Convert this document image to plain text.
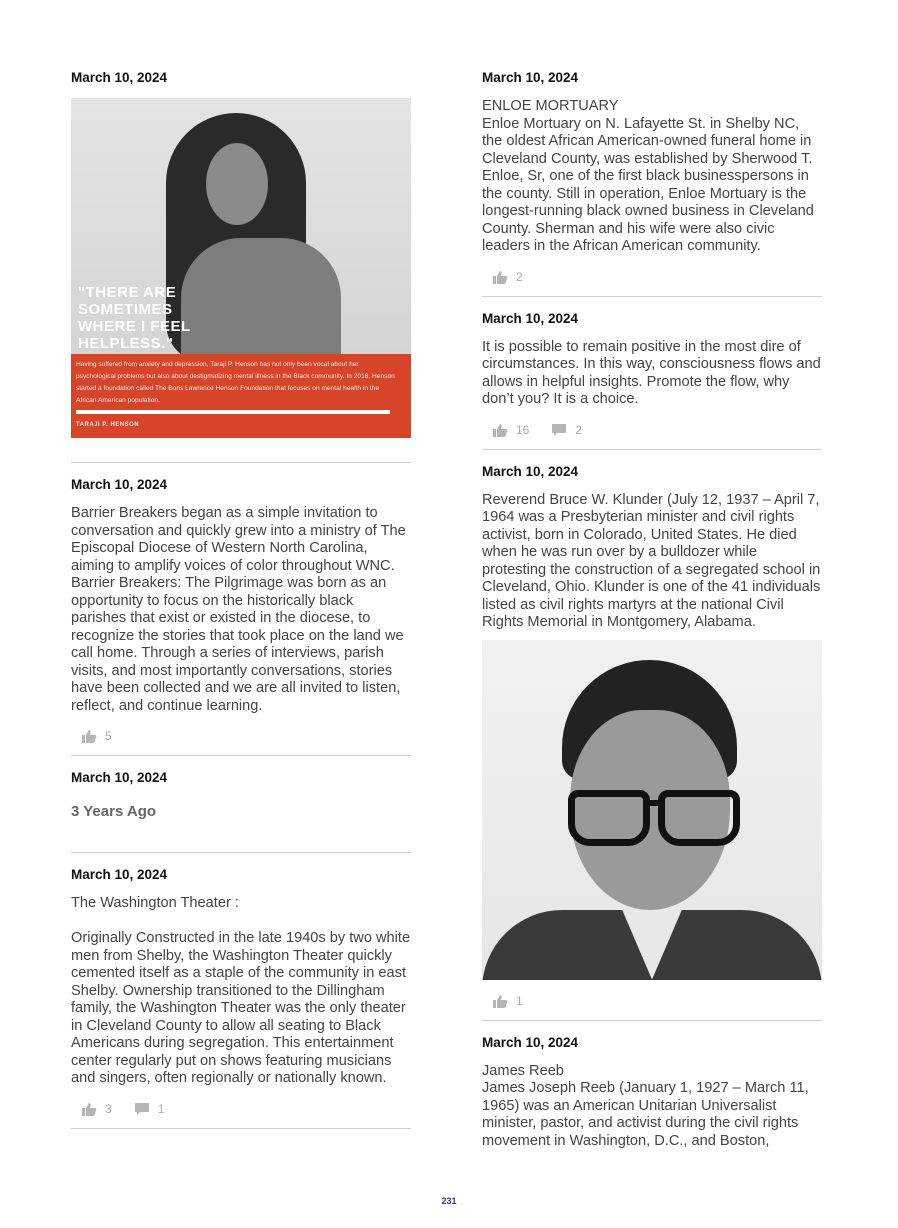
March 10, 2024
"THERE ARE SOMETIMES WHERE I FEEL HELPLESS."
Having suffered from anxiety and depression, Taraji P. Henson has not only been vocal about her psychological problems but also about destigmatizing mental illness in the Black community. In 2018, Henson started a foundation called The Boris Lawrence Henson Foundation that focuses on mental health in the African American population.
TARAJI P. HENSON
March 10, 2024
Barrier Breakers began as a simple invitation to conversation and quickly grew into a ministry of The Episcopal Diocese of Western North Carolina, aiming to amplify voices of color throughout WNC. Barrier Breakers: The Pilgrimage was born as an opportunity to focus on the historically black parishes that exist or existed in the diocese, to recognize the stories that took place on the land we call home. Through a series of interviews, parish visits, and most importantly conversations, stories have been collected and we are all invited to listen, reflect, and continue learning.
5
March 10, 2024
3 Years Ago
March 10, 2024
The Washington Theater :

Originally Constructed in the late 1940s by two white men from Shelby, the Washington Theater quickly cemented itself as a staple of the community in east Shelby. Ownership transitioned to the Dillingham family, the Washington Theater was the only theater in Cleveland County to allow all seating to Black Americans during segregation. This entertainment center regularly put on shows featuring musicians and singers, often regionally or nationally known.
3	1
March 10, 2024
ENLOE MORTUARY
Enloe Mortuary on N. Lafayette St. in Shelby NC, the oldest African American-owned funeral home in Cleveland County, was established by Sherwood T. Enloe, Sr, one of the first black businesspersons in the county. Still in operation, Enloe Mortuary is the longest-running black owned business in Cleveland County. Sherman and his wife were also civic leaders in the African American community.
2
March 10, 2024
It is possible to remain positive in the most dire of circumstances. In this way, consciousness flows and allows in helpful insights. Promote the flow, why don’t you? It is a choice.
16	2
March 10, 2024
Reverend Bruce W. Klunder (July 12, 1937 – April 7, 1964 was a Presbyterian minister and civil rights activist, born in Colorado, United States. He died when he was run over by a bulldozer while protesting the construction of a segregated school in Cleveland, Ohio. Klunder is one of the 41 individuals listed as civil rights martyrs at the national Civil Rights Memorial in Montgomery, Alabama.
1
March 10, 2024
James Reeb
James Joseph Reeb (January 1, 1927 – March 11, 1965) was an American Unitarian Universalist minister, pastor, and activist during the civil rights movement in Washington, D.C., and Boston,
231
